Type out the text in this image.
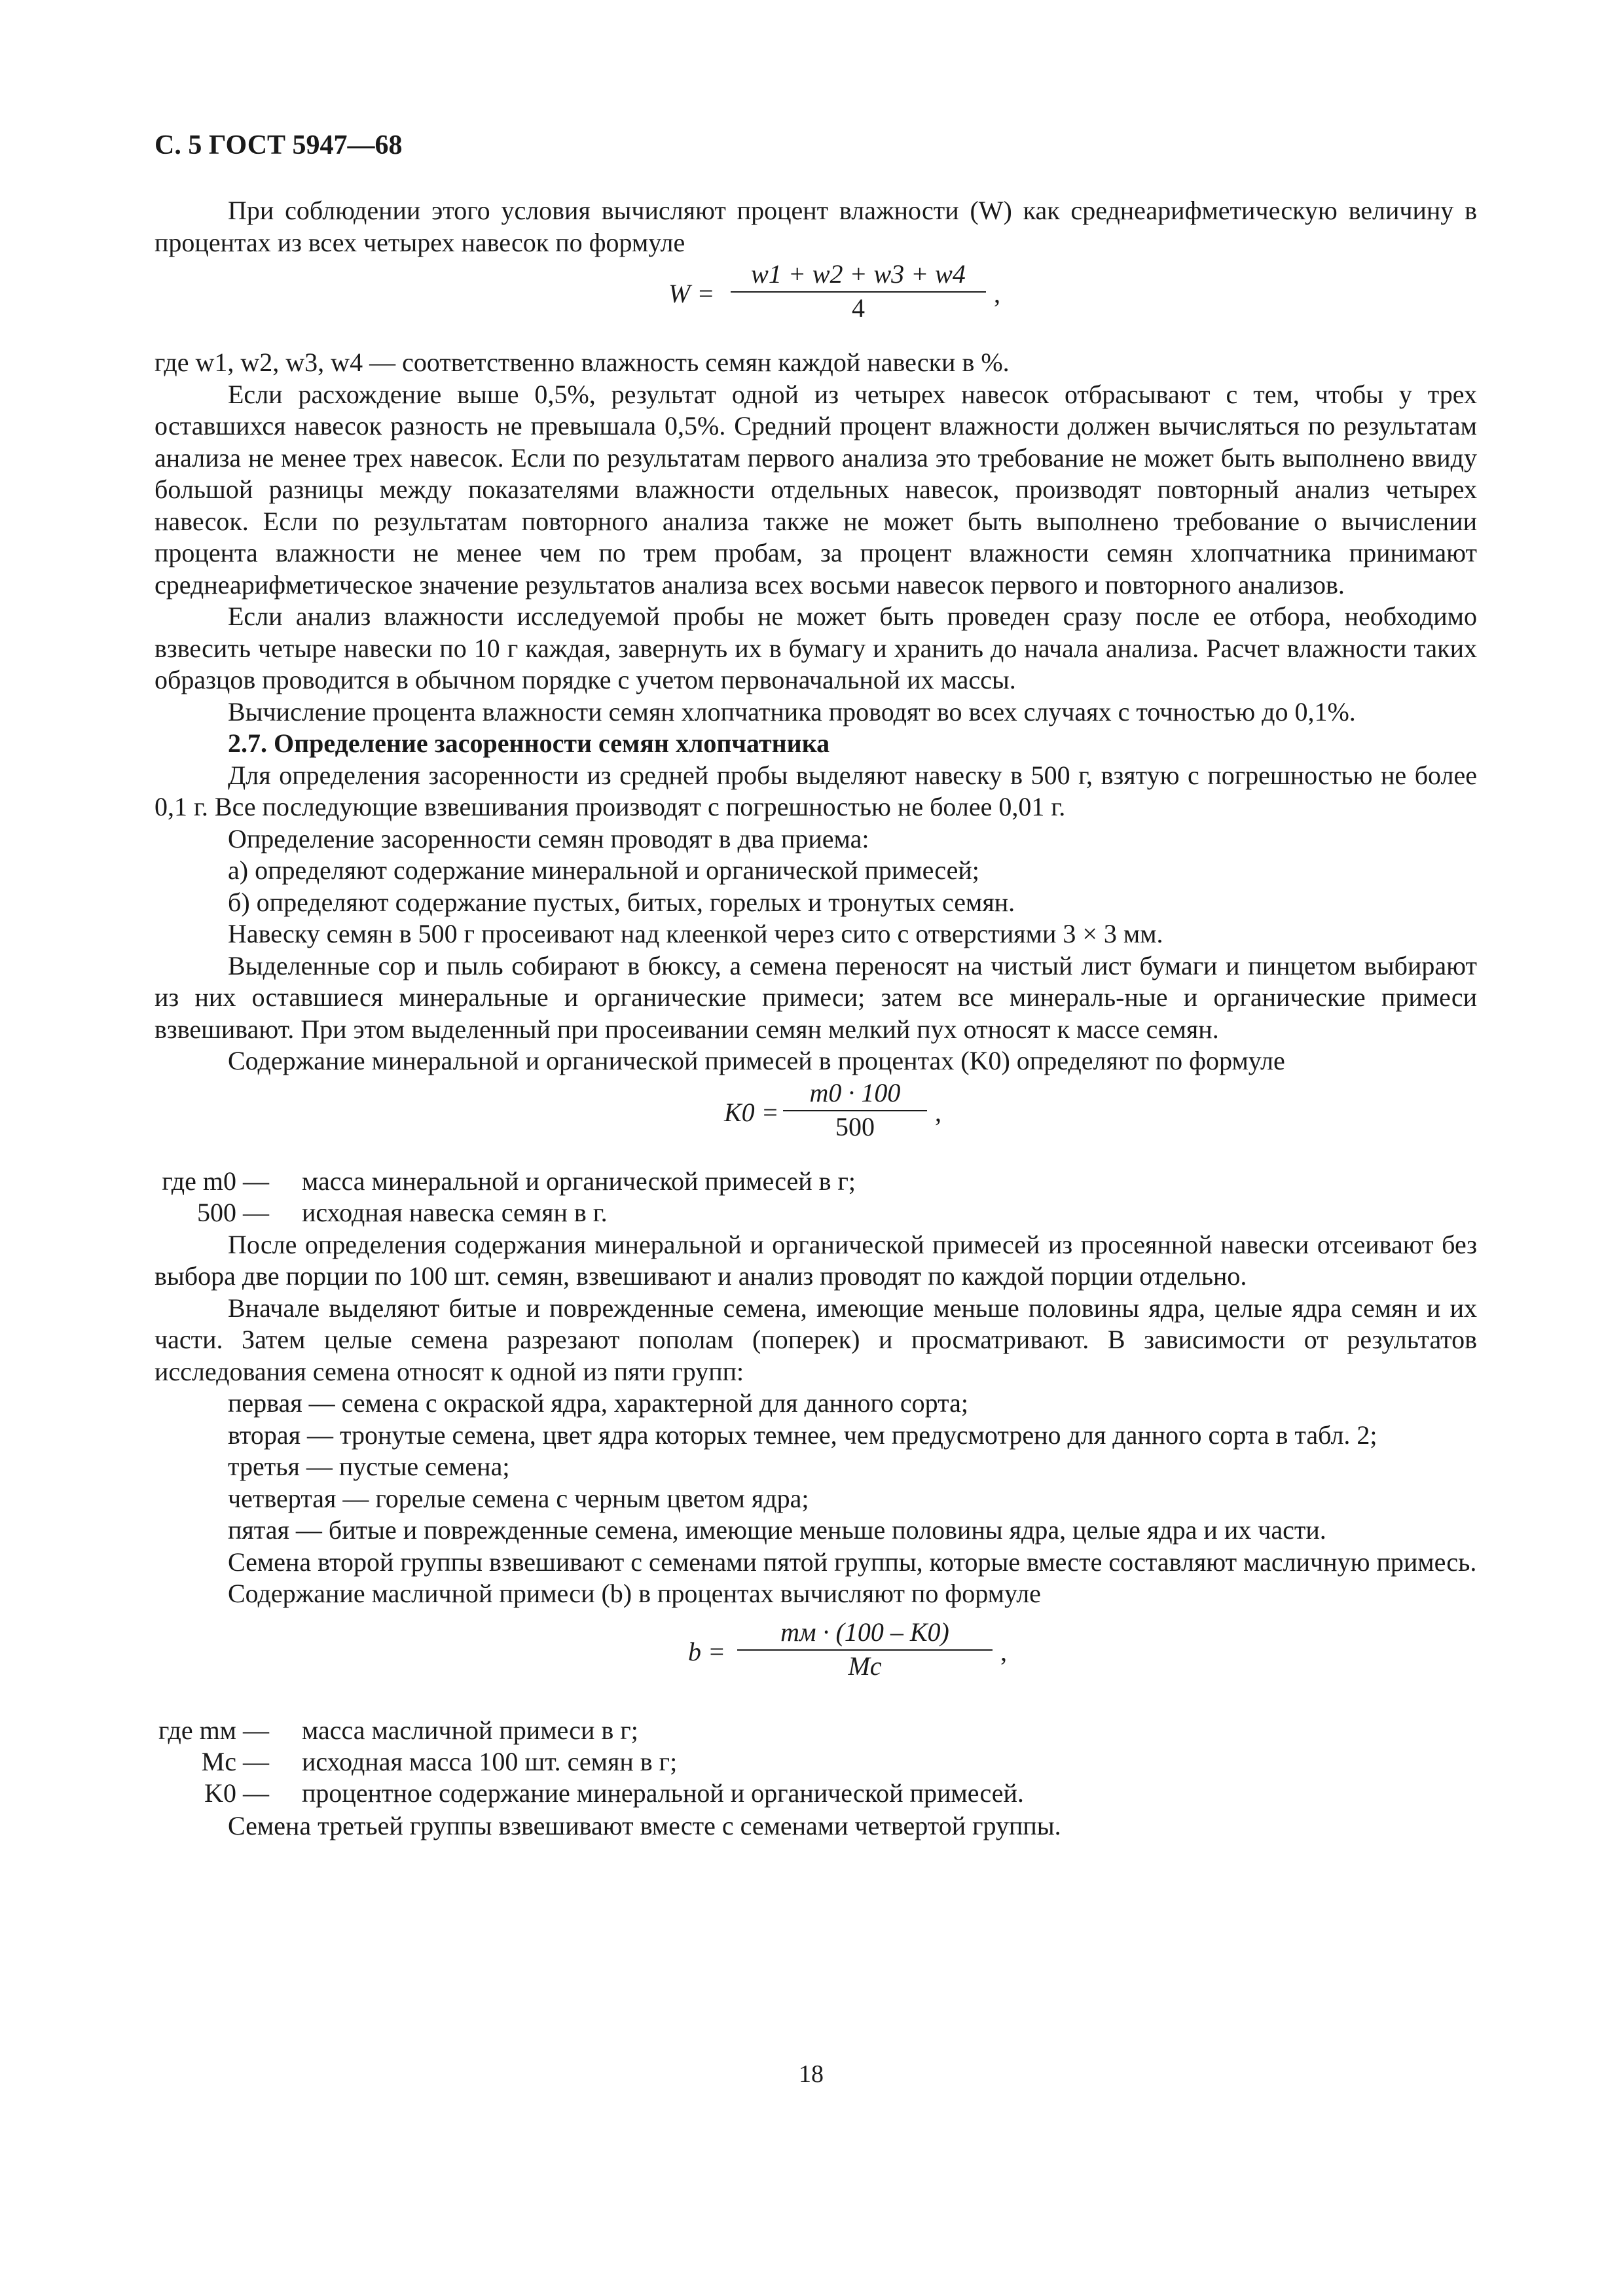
С. 5 ГОСТ 5947—68

При соблюдении этого условия вычисляют процент влажности (W) как среднеарифметическую величину в процентах из всех четырех навесок по формуле

W =
w1 + w2 + w3 + w4
4	,

где w1, w2, w3, w4 — соответственно влажность семян каждой навески в %.

Если расхождение выше 0,5%, результат одной из четырех навесок отбрасывают с тем, чтобы у трех оставшихся навесок разность не превышала 0,5%. Средний процент влажности должен вычисляться по результатам анализа не менее трех навесок. Если по результатам первого анализа это требование не может быть выполнено ввиду большой разницы между показателями влажности отдельных навесок, производят повторный анализ четырех навесок. Если по результатам повторного анализа также не может быть выполнено требование о вычислении процента влажности не менее чем по трем пробам, за процент влажности семян хлопчатника принимают среднеарифметическое значение результатов анализа всех восьми навесок первого и повторного анализов.

Если анализ влажности исследуемой пробы не может быть проведен сразу после ее отбора, необходимо взвесить четыре навески по 10 г каждая, завернуть их в бумагу и хранить до начала анализа. Расчет влажности таких образцов проводится в обычном порядке с учетом первоначальной их массы.

Вычисление процента влажности семян хлопчатника проводят во всех случаях с точностью до 0,1%.

2.7. Определение засоренности семян хлопчатника

Для определения засоренности из средней пробы выделяют навеску в 500 г, взятую с погрешностью не более 0,1 г. Все последующие взвешивания производят с погрешностью не более 0,01 г.

Определение засоренности семян проводят в два приема:

а) определяют содержание минеральной и органической примесей;

б) определяют содержание пустых, битых, горелых и тронутых семян.

Навеску семян в 500 г просеивают над клеенкой через сито с отверстиями 3 × 3 мм.

Выделенные сор и пыль собирают в бюксу, а семена переносят на чистый лист бумаги и пинцетом выбирают из них оставшиеся минеральные и органические примеси; затем все минераль-ные и органические примеси взвешивают. При этом выделенный при просеивании семян мелкий пух относят к массе семян.

Содержание минеральной и органической примесей в процентах (K0) определяют по формуле

K0 =
m0 · 100
500	,
где m0 — масса минеральной и органической примесей в г;
500 — исходная навеска семян в г.

После определения содержания минеральной и органической примесей из просеянной навески отсеивают без выбора две порции по 100 шт. семян, взвешивают и анализ проводят по каждой порции отдельно.

Вначале выделяют битые и поврежденные семена, имеющие меньше половины ядра, целые ядра семян и их части. Затем целые семена разрезают пополам (поперек) и просматривают. В зависимости от результатов исследования семена относят к одной из пяти групп:

первая — семена с окраской ядра, характерной для данного сорта;

вторая — тронутые семена, цвет ядра которых темнее, чем предусмотрено для данного сорта в табл. 2;

третья — пустые семена;

четвертая — горелые семена с черным цветом ядра;

пятая — битые и поврежденные семена, имеющие меньше половины ядра, целые ядра и их части.

Семена второй группы взвешивают с семенами пятой группы, которые вместе составляют масличную примесь.

Содержание масличной примеси (b) в процентах вычисляют по формуле

b =
mм · (100 – K0)
Mс	,
где mм — масса масличной примеси в г;
Mс — исходная масса 100 шт. семян в г;
K0 — процентное содержание минеральной и органической примесей.

Семена третьей группы взвешивают вместе с семенами четвертой группы.

18
